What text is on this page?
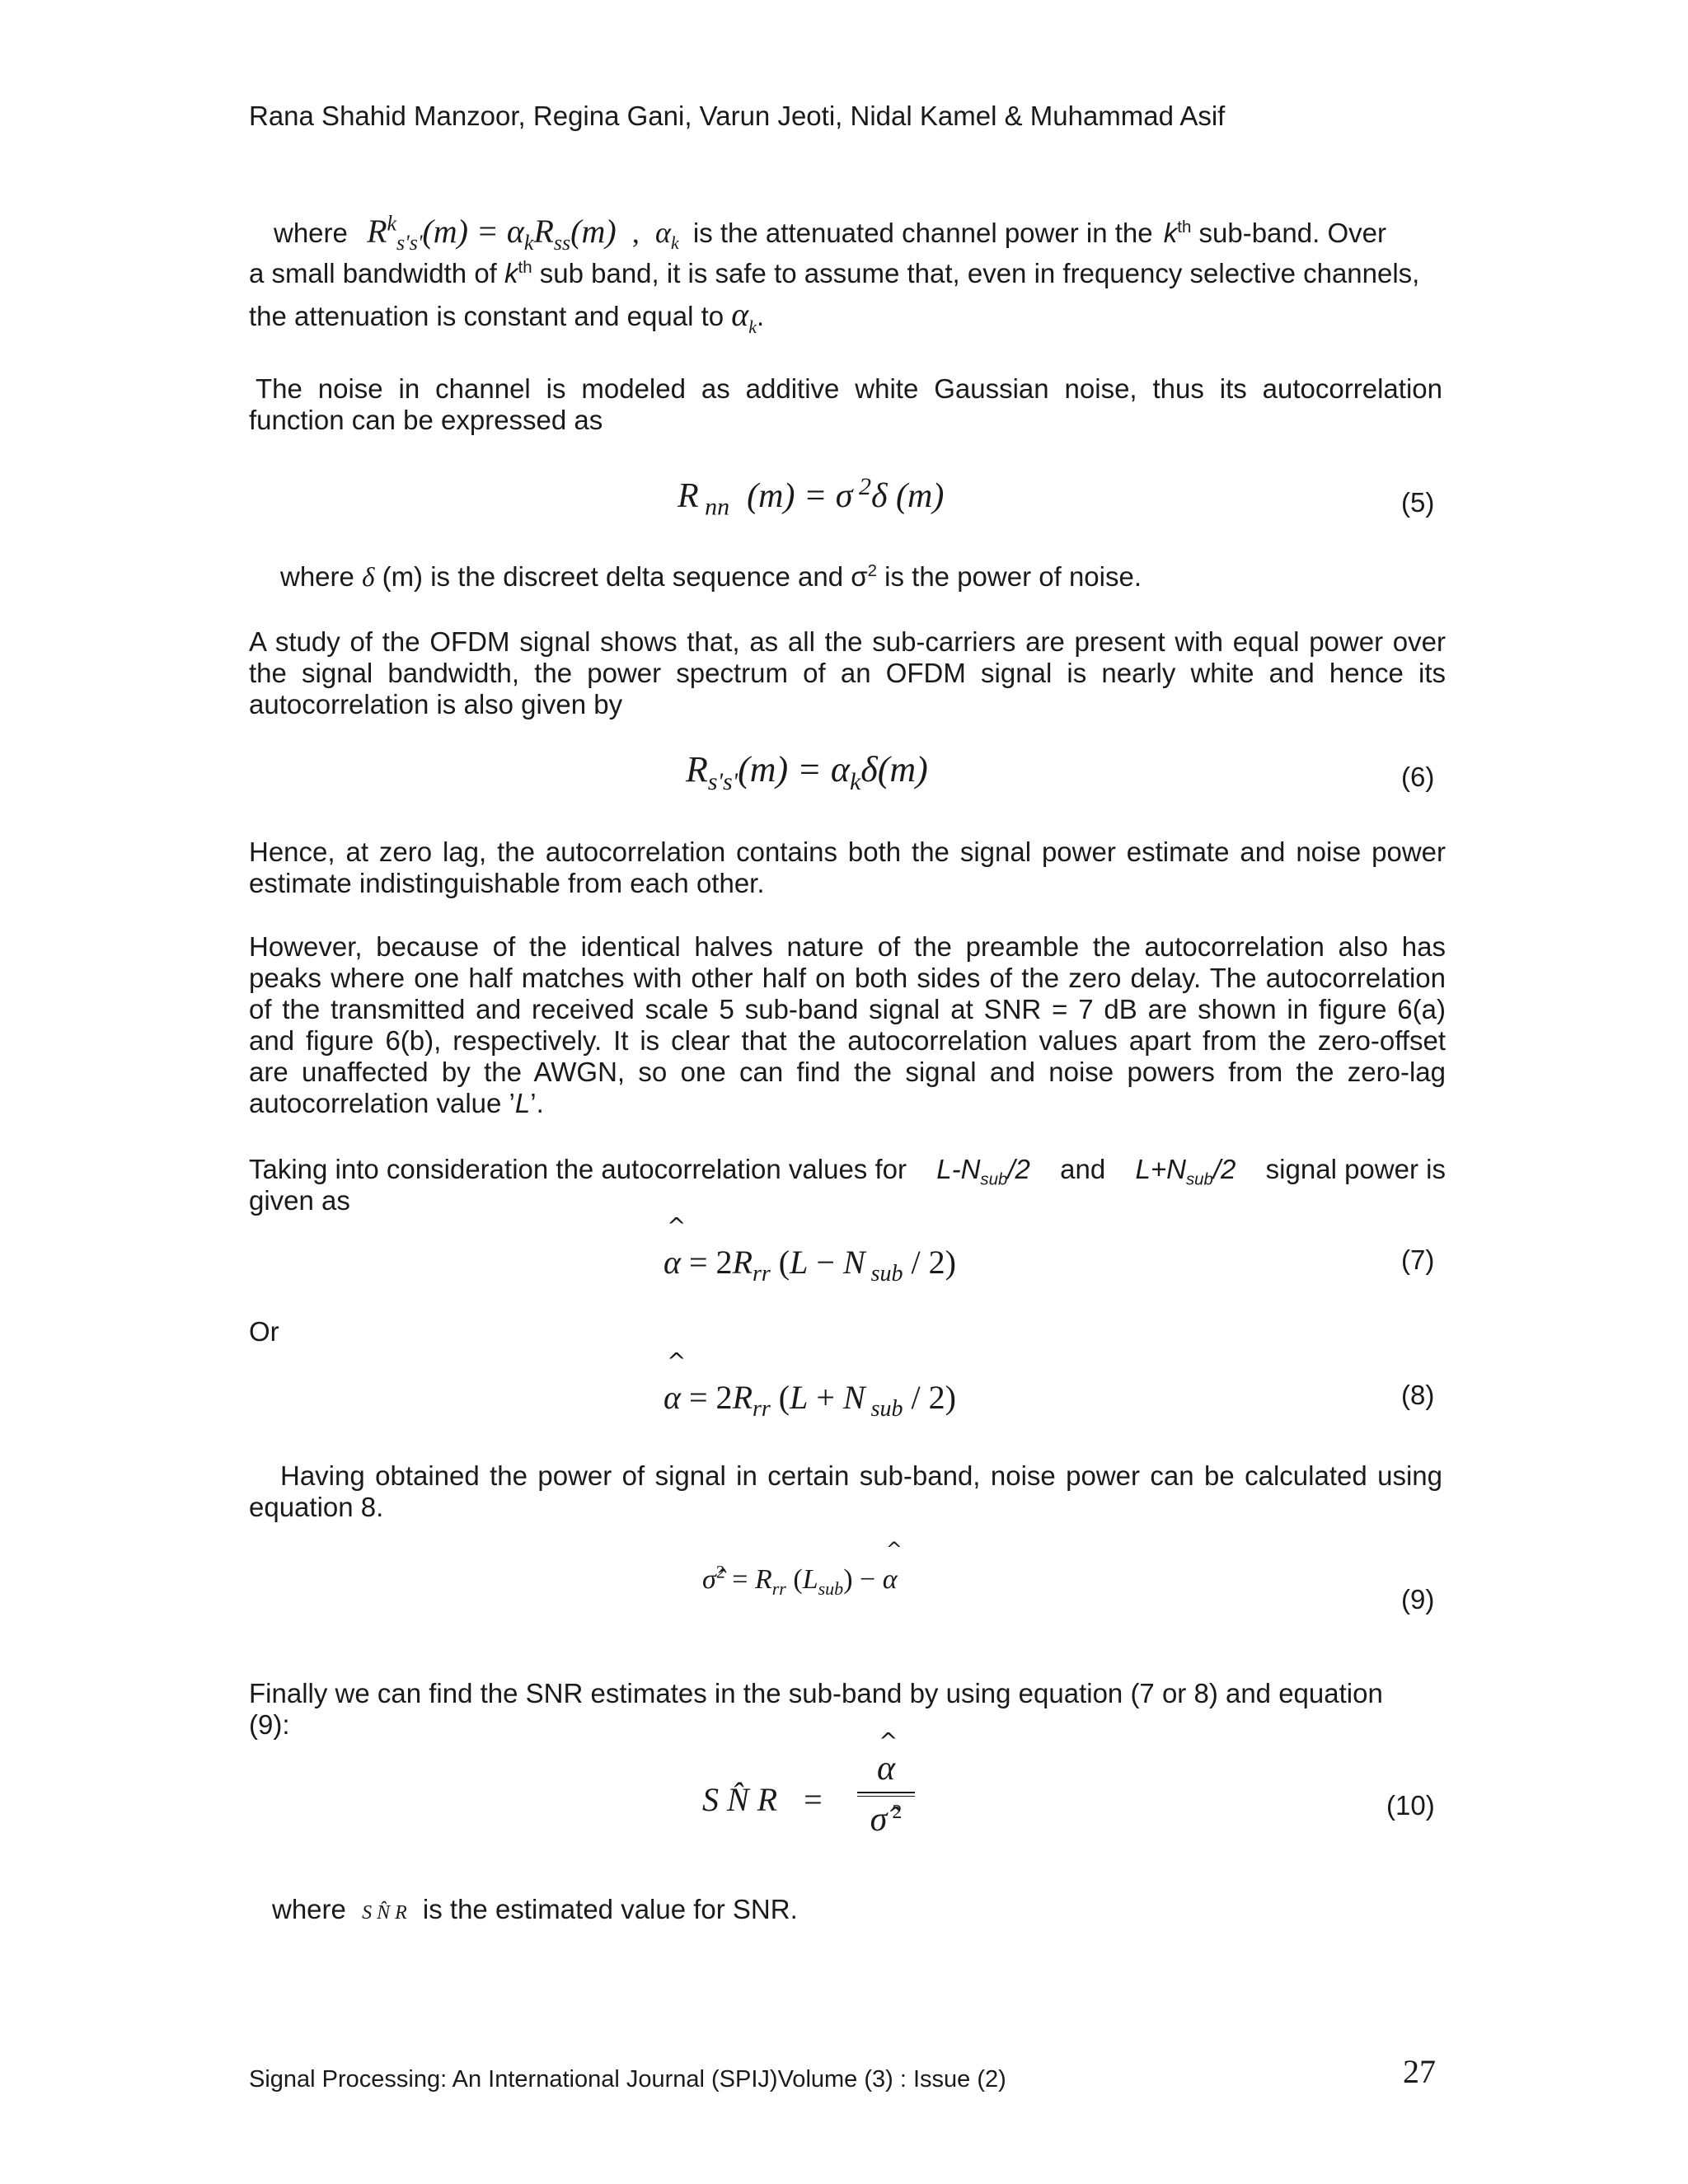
Rana Shahid Manzoor, Regina Gani, Varun Jeoti, Nidal Kamel & Muhammad Asif
where $R^k_{s's'}(m) = \alpha_kR_{ss}(m)$ , $\alpha_k$ is the attenuated channel power in the $k^{th}$ sub-band. Over
a small bandwidth of $k^{th}$ sub band, it is safe to assume that, even in frequency selective channels,
the attenuation is constant and equal to $\alpha_k$.
The noise in channel is modeled as additive white Gaussian noise, thus its autocorrelation
function can be expressed as
R $_{nn}$  (m) = σ $^2$δ (m)	(5)
where δ (m) is the discreet delta sequence and $\sigma^2$ is the power of noise.
A study of the OFDM signal shows that, as all the sub-carriers are present with equal power over
the signal bandwidth, the power spectrum of an OFDM signal is nearly white and hence its
autocorrelation is also given by
$R_{s's'}(m) = \alpha_k\delta(m)$	(6)
Hence, at zero lag, the autocorrelation contains both the signal power estimate and noise power
estimate indistinguishable from each other.
However, because of the identical halves nature of the preamble the autocorrelation also has
peaks where one half matches with other half on both sides of the zero delay. The autocorrelation
of the transmitted and received scale 5 sub-band signal at SNR = 7 dB are shown in figure 6(a)
and figure 6(b), respectively. It is clear that the autocorrelation values apart from the zero-offset
are unaffected by the AWGN, so one can find the signal and noise powers from the zero-lag
autocorrelation value ’L’.
Taking into consideration the autocorrelation values for $L-N_{sub}/2$ and $L+N_{sub}/2$ signal power is
given as
^
$\alpha = 2R_{rr}$ (L − N $_{sub}$ / 2)	(7)
Or
^
$\alpha = 2R_{rr}$ (L + N $_{sub}$ / 2)	(8)
Having obtained the power of signal in certain sub-band, noise power can be calculated using
equation 8.
σ̂$^2$ = $R_{rr}$ $(L_{sub})$ −
^
α
(9)
Finally we can find the SNR estimates in the sub-band by using equation (7 or 8) and equation
(9):
S N̂ R =
^
α
σ̂ $^2$	(10)
where S N̂ R is the estimated value for SNR.
Signal Processing: An International Journal (SPIJ)Volume (3) : Issue (2)	27
